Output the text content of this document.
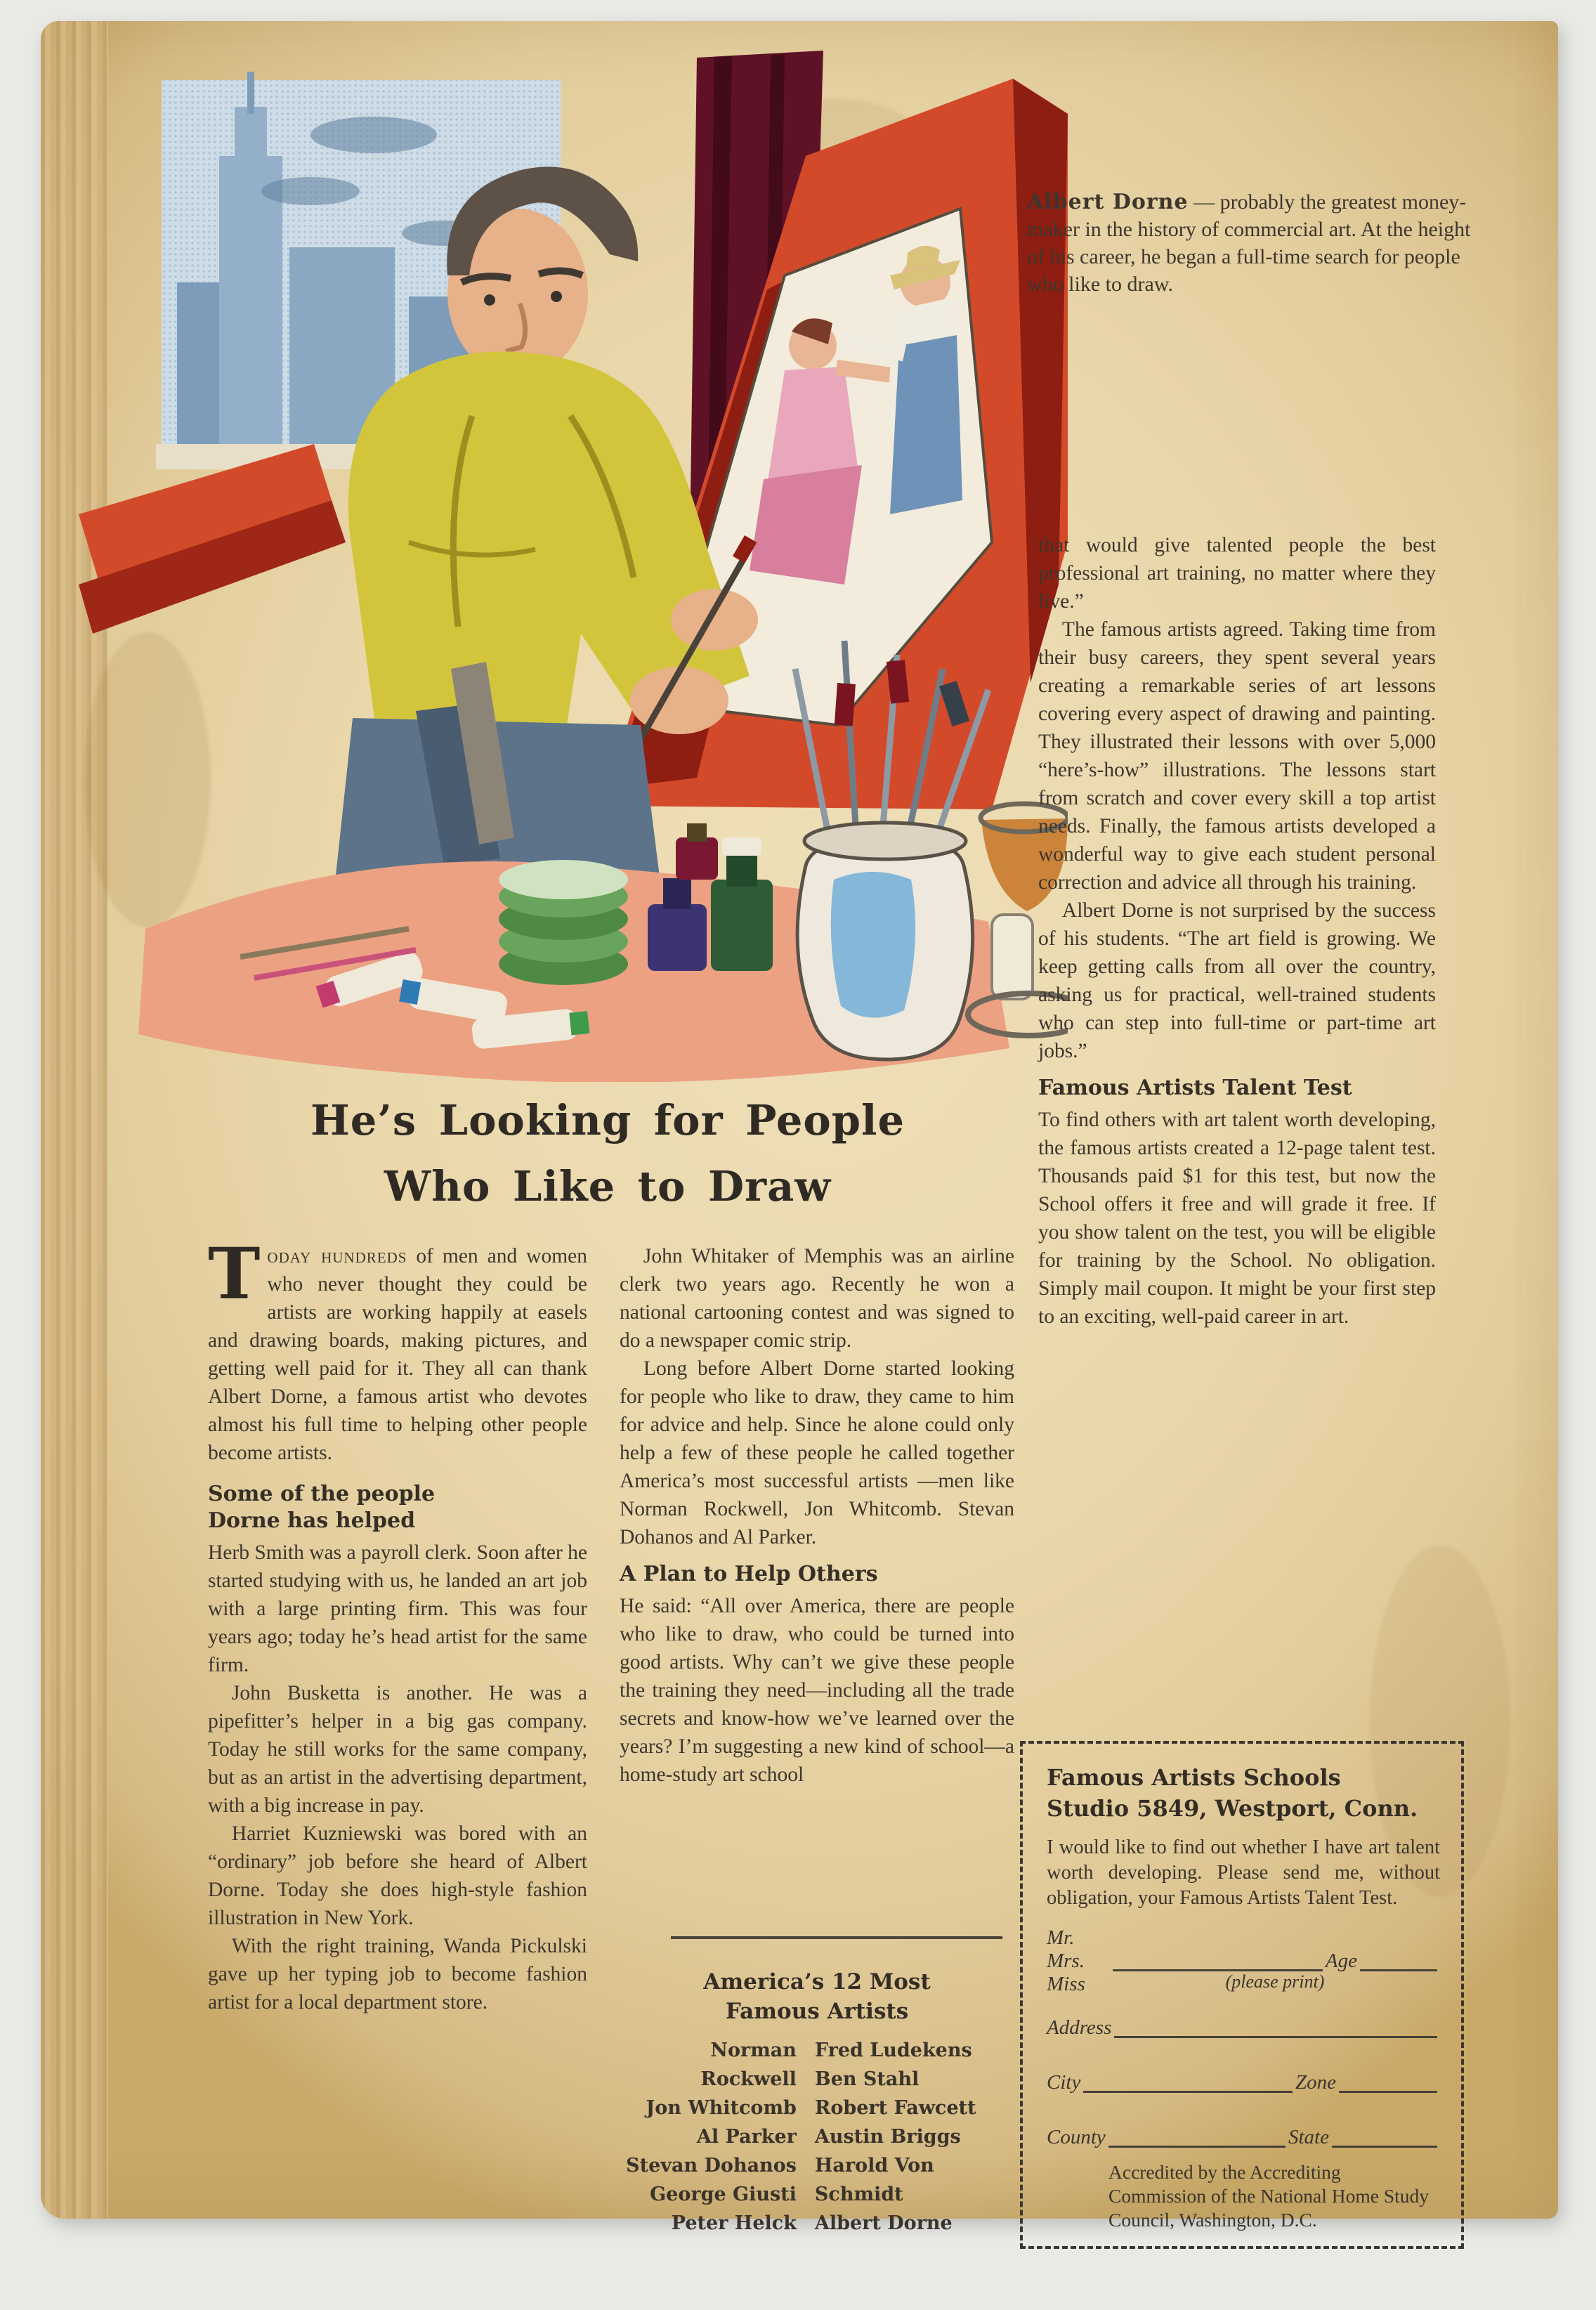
Albert Dorne — probably the greatest money-maker in the history of commercial art. At the height of his career, he began a full-time search for people who like to draw.

that would give talented people the best professional art training, no matter where they live.”

The famous artists agreed. Taking time from their busy careers, they spent several years creating a remarkable series of art lessons covering every aspect of drawing and painting. They illustrated their lessons with over 5,000 “here’s-how” illustrations. The lessons start from scratch and cover every skill a top artist needs. Finally, the famous artists developed a wonderful way to give each student personal correction and advice all through his training.

Albert Dorne is not surprised by the success of his students. “The art field is growing. We keep getting calls from all over the country, asking us for practical, well-trained students who can step into full-time or part-time art jobs.”

Famous Artists Talent Test

To find others with art talent worth developing, the famous artists created a 12-page talent test. Thousands paid $1 for this test, but now the School offers it free and will grade it free. If you show talent on the test, you will be eligible for training by the School. No obligation. Simply mail coupon. It might be your first step to an exciting, well-paid career in art.

He’s Looking for People
Who Like to Draw

Today hundreds of men and women who never thought they could be artists are working happily at easels and drawing boards, making pictures, and getting well paid for it. They all can thank Albert Dorne, a famous artist who devotes almost his full time to helping other people become artists.

Some of the people
Dorne has helped

Herb Smith was a payroll clerk. Soon after he started studying with us, he landed an art job with a large printing firm. This was four years ago; today he’s head artist for the same firm.

John Busketta is another. He was a pipefitter’s helper in a big gas company. Today he still works for the same company, but as an artist in the advertising department, with a big increase in pay.

Harriet Kuzniewski was bored with an “ordinary” job before she heard of Albert Dorne. Today she does high-style fashion illustration in New York.

With the right training, Wanda Pickulski gave up her typing job to become fashion artist for a local department store.

John Whitaker of Memphis was an airline clerk two years ago. Recently he won a national cartooning contest and was signed to do a newspaper comic strip.

Long before Albert Dorne started looking for people who like to draw, they came to him for advice and help. Since he alone could only help a few of these people he called together America’s most successful artists —men like Norman Rockwell, Jon Whitcomb. Stevan Dohanos and Al Parker.

A Plan to Help Others

He said: “All over America, there are people who like to draw, who could be turned into good artists. Why can’t we give these people the training they need—including all the trade secrets and know-how we’ve learned over the years? I’m suggesting a new kind of school—a home-study art school

America’s 12 Most
Famous Artists
Norman Rockwell
Jon Whitcomb
Al Parker
Stevan Dohanos
George Giusti
Peter Helck
Fred Ludekens
Ben Stahl
Robert Fawcett
Austin Briggs
Harold Von Schmidt
Albert Dorne
Famous Artists Schools
Studio 5849, Westport, Conn.
I would like to find out whether I have art talent worth developing. Please send me, without obligation, your Famous Artists Talent Test.
Mr.
Mrs.
Miss
Age
(please print)
Address
City	Zone
County	State
Accredited by the Accrediting Commission of the National Home Study Council, Washington, D.C.
